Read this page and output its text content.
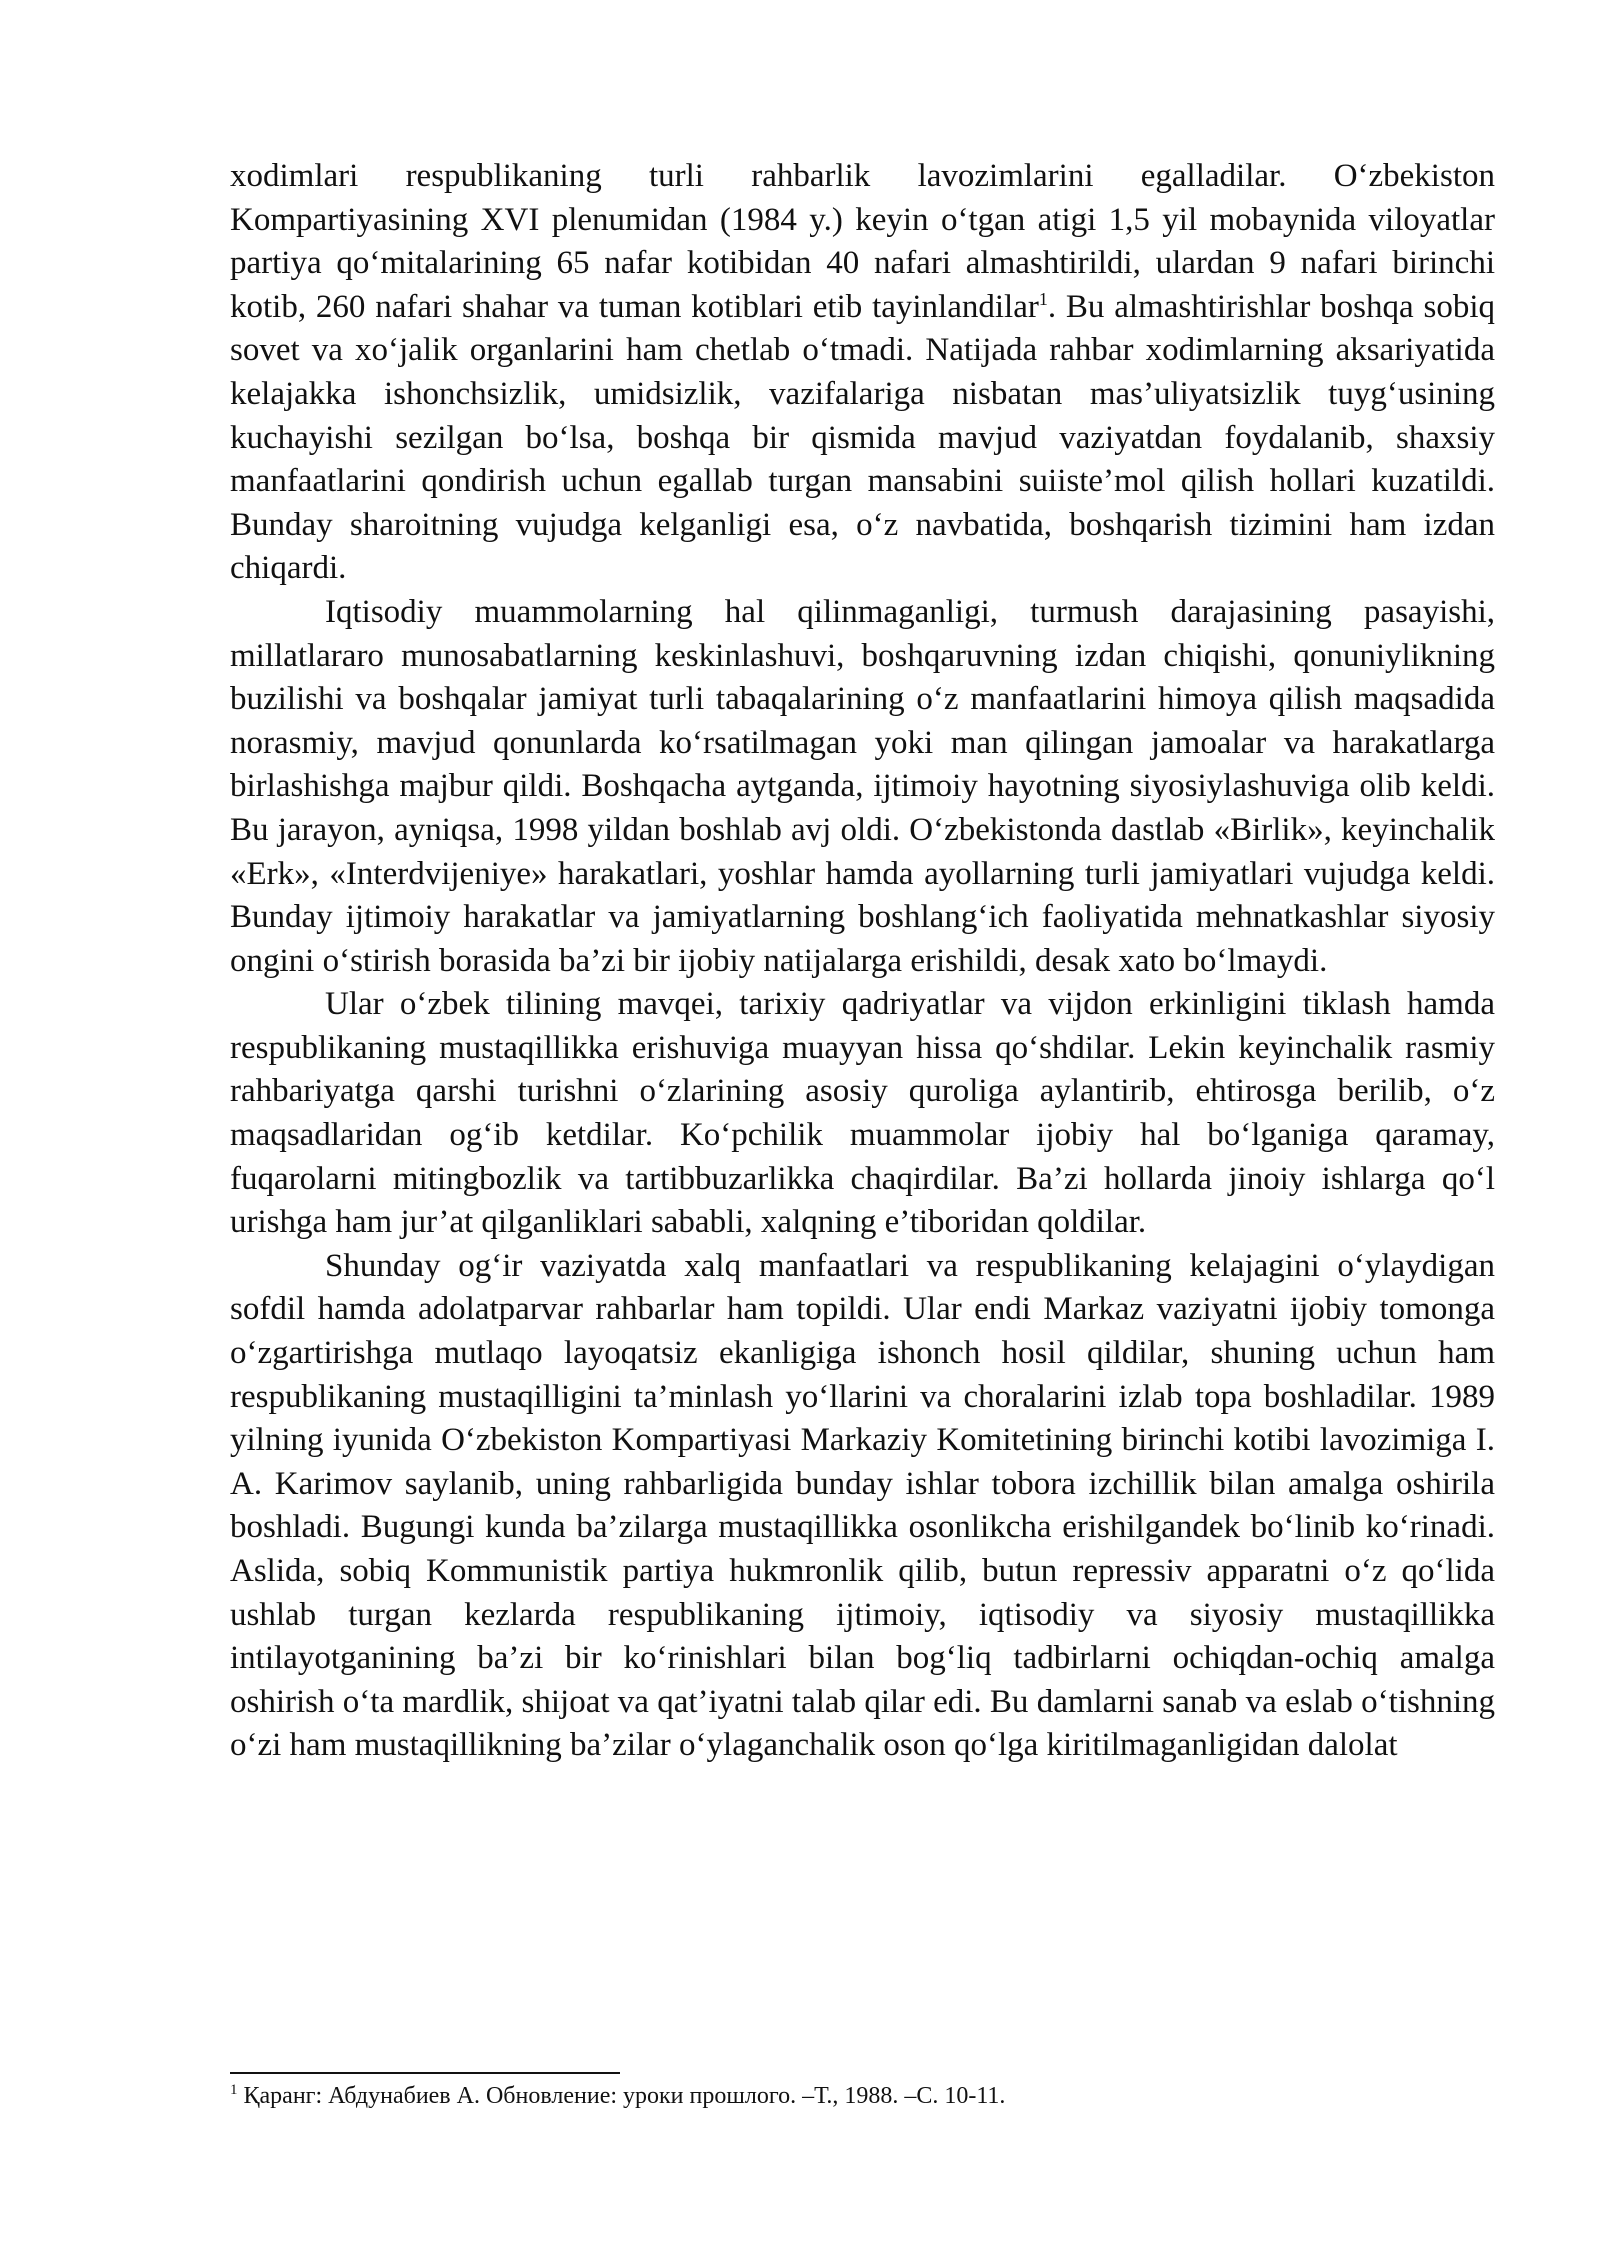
xodimlari respublikaning turli rahbarlik lavozimlarini egalladilar. O‘zbekiston Kompartiyasining XVI plenumidan (1984 y.) keyin o‘tgan atigi 1,5 yil mobaynida viloyatlar partiya qo‘mitalarining 65 nafar kotibidan 40 nafari almashtirildi, ulardan 9 nafari birinchi kotib, 260 nafari shahar va tuman kotiblari etib tayinlandilar$^1$. Bu almashtirishlar boshqa sobiq sovet va xo‘jalik organlarini ham chetlab o‘tmadi. Natijada rahbar xodimlarning aksariyatida kelajakka ishonchsizlik, umidsizlik, vazifalariga nisbatan mas’uliyatsizlik tuyg‘usining kuchayishi sezilgan bo‘lsa, boshqa bir qismida mavjud vaziyatdan foydalanib, shaxsiy manfaatlarini qondirish uchun egallab turgan mansabini suiiste’mol qilish hollari kuzatildi. Bunday sharoitning vujudga kelganligi esa, o‘z navbatida, boshqarish tizimini ham izdan chiqardi.

Iqtisodiy muammolarning hal qilinmaganligi, turmush darajasining pasayishi, millatlararo munosabatlarning keskinlashuvi, boshqaruvning izdan chiqishi, qonuniylikning buzilishi va boshqalar jamiyat turli tabaqalarining o‘z manfaatlarini himoya qilish maqsadida norasmiy, mavjud qonunlarda ko‘rsatilmagan yoki man qilingan jamoalar va harakatlarga birlashishga majbur qildi. Boshqacha aytganda, ijtimoiy hayotning siyosiylashuviga olib keldi. Bu jarayon, ayniqsa, 1998 yildan boshlab avj oldi. O‘zbekistonda dastlab «Birlik», keyinchalik «Erk», «Interdvijeniye» harakatlari, yoshlar hamda ayollarning turli jamiyatlari vujudga keldi. Bunday ijtimoiy harakatlar va jamiyatlarning boshlang‘ich faoliyatida mehnatkashlar siyosiy ongini o‘stirish borasida ba’zi bir ijobiy natijalarga erishildi, desak xato bo‘lmaydi.

Ular o‘zbek tilining mavqei, tarixiy qadriyatlar va vijdon erkinligini tiklash hamda respublikaning mustaqillikka erishuviga muayyan hissa qo‘shdilar. Lekin keyinchalik rasmiy rahbariyatga qarshi turishni o‘zlarining asosiy quroliga aylantirib, ehtirosga berilib, o‘z maqsadlaridan og‘ib ketdilar. Ko‘pchilik muammolar ijobiy hal bo‘lganiga qaramay, fuqarolarni mitingbozlik va tartibbuzarlikka chaqirdilar. Ba’zi hollarda jinoiy ishlarga qo‘l urishga ham jur’at qilganliklari sababli, xalqning e’tiboridan qoldilar.

Shunday og‘ir vaziyatda xalq manfaatlari va respublikaning kelajagini o‘ylaydigan sofdil hamda adolatparvar rahbarlar ham topildi. Ular endi Markaz vaziyatni ijobiy tomonga o‘zgartirishga mutlaqo layoqatsiz ekanligiga ishonch hosil qildilar, shuning uchun ham respublikaning mustaqilligini ta’minlash yo‘llarini va choralarini izlab topa boshladilar. 1989 yilning iyunida O‘zbekiston Kompartiyasi Markaziy Komitetining birinchi kotibi lavozimiga I. A. Karimov saylanib, uning rahbarligida bunday ishlar tobora izchillik bilan amalga oshirila boshladi. Bugungi kunda ba’zilarga mustaqillikka osonlikcha erishilgandek bo‘linib ko‘rinadi. Aslida, sobiq Kommunistik partiya hukmronlik qilib, butun repressiv apparatni o‘z qo‘lida ushlab turgan kezlarda respublikaning ijtimoiy, iqtisodiy va siyosiy mustaqillikka intilayotganining ba’zi bir ko‘rinishlari bilan bog‘liq tadbirlarni ochiqdan-ochiq amalga oshirish o‘ta mardlik, shijoat va qat’iyatni talab qilar edi. Bu damlarni sanab va eslab o‘tishning o‘zi ham mustaqillikning ba’zilar o‘ylaganchalik oson qo‘lga kiritilmaganligidan dalolat

$^1$ Қаранг: Абдунабиев А. Обновление: уроки прошлого. –Т., 1988. –С. 10-11.
